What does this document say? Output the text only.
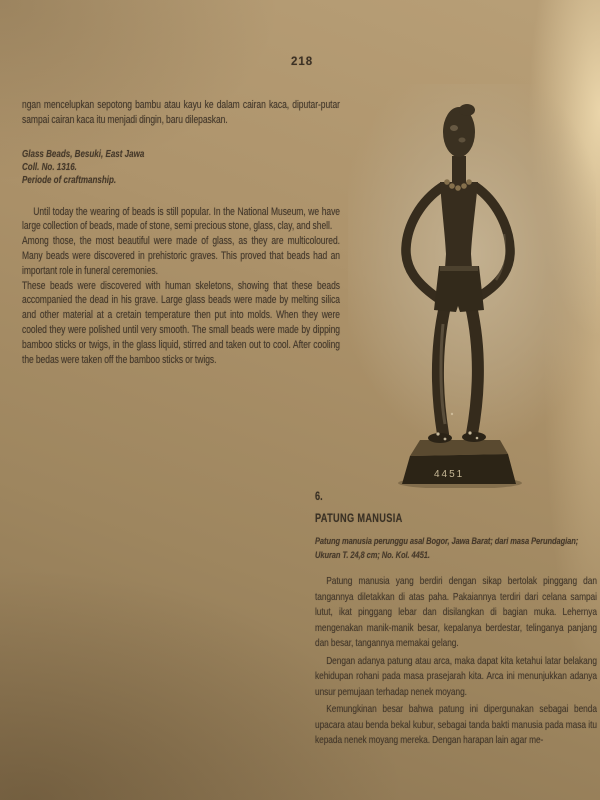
218

ngan mencelupkan sepotong bambu atau kayu ke dalam cairan kaca, diputar-putar sampai cairan kaca itu menjadi dingin, baru dilepaskan.

Glass Beads, Besuki, East Jawa
Coll. No. 1316.
Periode of craftmanship.

Until today the wearing of beads is still popular. In the National Museum, we have large collection of beads, made of stone, semi precious stone, glass, clay, and shell.

Among those, the most beautiful were made of glass, as they are multicoloured. Many beads were discovered in prehistoric graves. This proved that beads had an important role in funeral ceremonies.

These beads were discovered with human skeletons, showing that these beads accompanied the dead in his grave. Large glass beads were made by melting silica and other material at a cretain temperature then put into molds. When they were cooled they were polished until very smooth. The small beads were made by dipping bamboo sticks or twigs, in the glass liquid, stirred and taken out to cool. After cooling the bedas were taken off the bamboo sticks or twigs.

4451
6.
PATUNG MANUSIA
Patung manusia perunggu asal Bogor, Jawa Barat; dari masa Perundagian;
Ukuran T. 24,8 cm; No. Kol. 4451.

Patung manusia yang berdiri dengan sikap bertolak pinggang dan tangannya diletakkan di atas paha. Pakaiannya terdiri dari celana sampai lutut, ikat pinggang lebar dan disilangkan di bagian muka. Lehernya mengenakan manik-manik besar, kepalanya berdestar, telinganya panjang dan besar, tangannya memakai gelang.

Dengan adanya patung atau arca, maka dapat kita ketahui latar belakang kehidupan rohani pada masa prasejarah kita. Arca ini menunjukkan adanya unsur pemujaan terhadap nenek moyang.

Kemungkinan besar bahwa patung ini dipergunakan sebagai benda upacara atau benda bekal kubur, sebagai tanda bakti manusia pada masa itu kepada nenek moyang mereka. Dengan harapan lain agar me-
